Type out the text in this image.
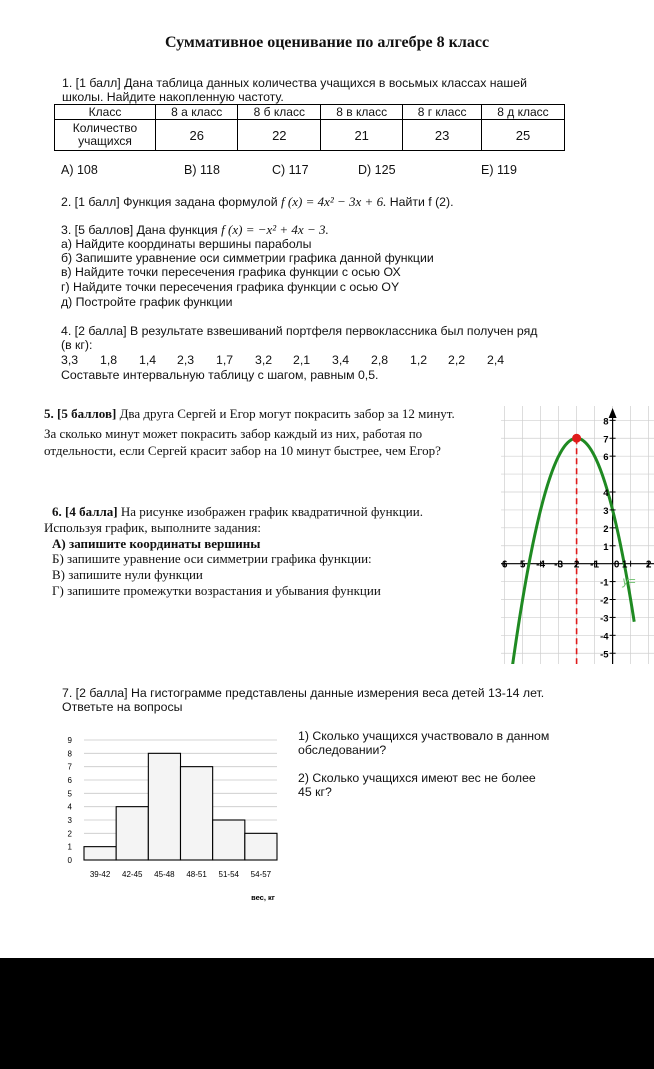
Суммативное оценивание по алгебре 8 класс
1. [1 балл] Дана таблица данных количества учащихся в восьмых классах нашей
школы. Найдите накопленную частоту.
Класс	8 а класс	8 б класс	8 в класс	8 г класс	8 д класс
Количество
учащихся	26	22	21	23	25
A) 108	B) 118	C) 117	D) 125	E) 119
2. [1 балл] Функция задана формулой f (x) = 4x² − 3x + 6. Найти f (2).
3. [5 баллов] Дана функция f (x) = −x² + 4x − 3.
а) Найдите координаты вершины параболы
б) Запишите уравнение оси симметрии графика данной функции
в) Найдите точки пересечения графика функции с осью ОХ
г) Найдите точки пересечения графика функции с осью ОY
д) Постройте график функции
4. [2 балла] В результате взвешиваний портфеля первоклассника был получен ряд
(в кг):
3,3 1,8 1,4 2,3 1,7 3,2 2,1 3,4 2,8 1,2 2,2 2,4
Составьте интервальную таблицу с шагом, равным 0,5.
5. [5 баллов] Два друга Сергей и Егор могут покрасить забор за 12 минут.
За сколько минут может покрасить забор каждый из них, работая по
отдельности, если Сергей красит забор на 10 минут быстрее, чем Егор?
6. [4 балла] На рисунке изображен график квадратичной функции.
Используя график, выполните задания:
А) запишите координаты вершины
Б) запишите уравнение оси симметрии графика функции:
В) запишите нули функции
Г) запишите промежутки возрастания и убывания функции
6 5 -4 -3 2 -1 0 1 2
8
7
6
4
3
2
1
-1
-2
-3
-4
-5
y=
7. [2 балла] На гистограмме представлены данные измерения веса детей 13-14 лет.
Ответьте на вопросы
0
1
2
3
4
5
6
7
8
9
39-42 42-45 45-48 48-51 51-54 54-57
вес, кг
1) Сколько учащихся участвовало в данном
обследовании?
2) Сколько учащихся имеют вес не более
45 кг?
